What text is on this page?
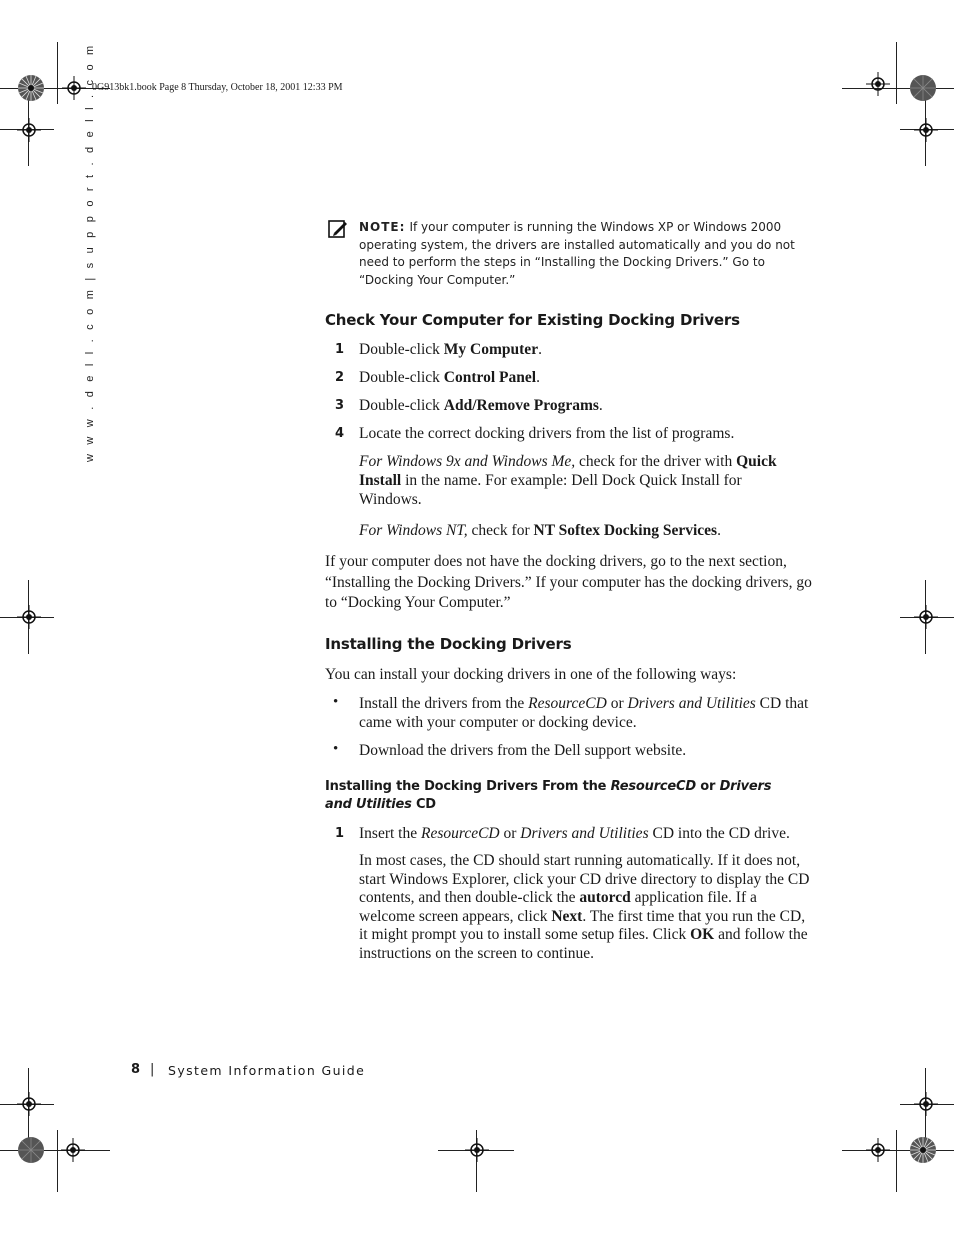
0G913bk1.book Page 8 Thursday, October 18, 2001 12:33 PM
w w w . d e l l . c o m | s u p p o r t . d e l l . c o m	NOTE: If your computer is running the Windows XP or Windows 2000 operating system, the drivers are installed automatically and you do not need to perform the steps in “Installing the Docking Drivers.” Go to “Docking Your Computer.”
Check Your Computer for Existing Docking Drivers
1 Double-click My Computer.
2 Double-click Control Panel.
3 Double-click Add/Remove Programs.
4 Locate the correct docking drivers from the list of programs.
For Windows 9x and Windows Me, check for the driver with Quick Install in the name. For example: Dell Dock Quick Install for Windows.
For Windows NT, check for NT Softex Docking Services.
If your computer does not have the docking drivers, go to the next section, “Installing the Docking Drivers.” If your computer has the docking drivers, go to “Docking Your Computer.”
Installing the Docking Drivers
You can install your docking drivers in one of the following ways:
• Install the drivers from the ResourceCD or Drivers and Utilities CD that came with your computer or docking device.
• Download the drivers from the Dell support website.
Installing the Docking Drivers From the ResourceCD or Drivers and Utilities CD
1 Insert the ResourceCD or Drivers and Utilities CD into the CD drive.
In most cases, the CD should start running automatically. If it does not, start Windows Explorer, click your CD drive directory to display the CD contents, and then double-click the autorcd application file. If a welcome screen appears, click Next. The first time that you run the CD, it might prompt you to install some setup files. Click OK and follow the instructions on the screen to continue.
8 | System Information Guide
